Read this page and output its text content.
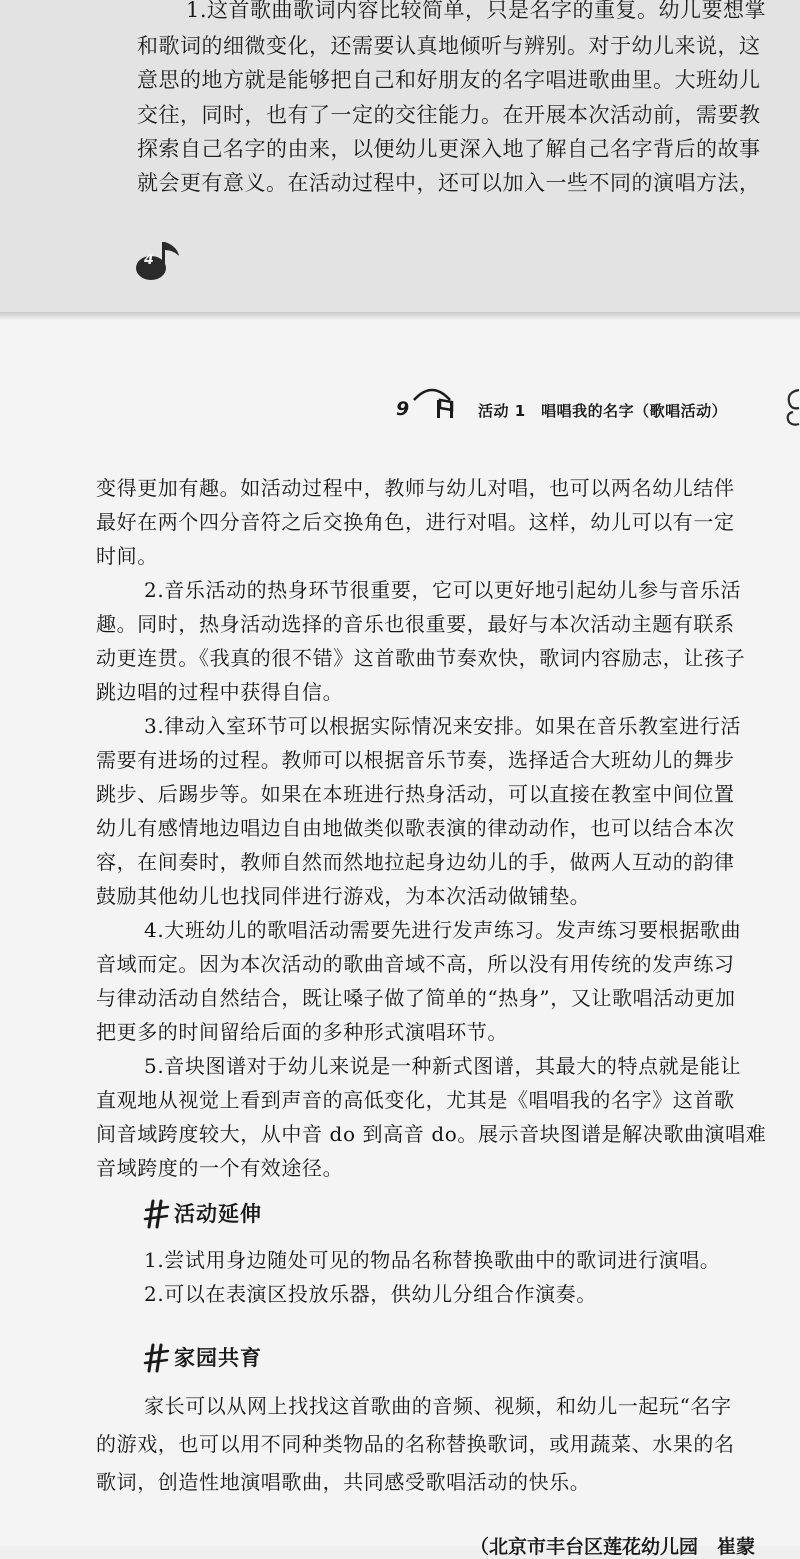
1.这首歌曲歌词内容比较简单，只是名字的重复。幼儿要想掌
和歌词的细微变化，还需要认真地倾听与辨别。对于幼儿来说，这
意思的地方就是能够把自己和好朋友的名字唱进歌曲里。大班幼儿
交往，同时，也有了一定的交往能力。在开展本次活动前，需要教
探索自己名字的由来，以便幼儿更深入地了解自己名字背后的故事
就会更有意义。在活动过程中，还可以加入一些不同的演唱方法，
4
9	活动 1　唱唱我的名字（歌唱活动）
变得更加有趣。如活动过程中，教师与幼儿对唱，也可以两名幼儿结伴
最好在两个四分音符之后交换角色，进行对唱。这样，幼儿可以有一定
时间。
2.音乐活动的热身环节很重要，它可以更好地引起幼儿参与音乐活
趣。同时，热身活动选择的音乐也很重要，最好与本次活动主题有联系
动更连贯。《我真的很不错》这首歌曲节奏欢快，歌词内容励志，让孩子
跳边唱的过程中获得自信。
3.律动入室环节可以根据实际情况来安排。如果在音乐教室进行活
需要有进场的过程。教师可以根据音乐节奏，选择适合大班幼儿的舞步
跳步、后踢步等。如果在本班进行热身活动，可以直接在教室中间位置
幼儿有感情地边唱边自由地做类似歌表演的律动动作，也可以结合本次
容，在间奏时，教师自然而然地拉起身边幼儿的手，做两人互动的韵律
鼓励其他幼儿也找同伴进行游戏，为本次活动做铺垫。
4.大班幼儿的歌唱活动需要先进行发声练习。发声练习要根据歌曲
音域而定。因为本次活动的歌曲音域不高，所以没有用传统的发声练习
与律动活动自然结合，既让嗓子做了简单的“热身”，又让歌唱活动更加
把更多的时间留给后面的多种形式演唱环节。
5.音块图谱对于幼儿来说是一种新式图谱，其最大的特点就是能让
直观地从视觉上看到声音的高低变化，尤其是《唱唱我的名字》这首歌
间音域跨度较大，从中音 do 到高音 do。展示音块图谱是解决歌曲演唱难
音域跨度的一个有效途径。
活动延伸
1.尝试用身边随处可见的物品名称替换歌曲中的歌词进行演唱。
2.可以在表演区投放乐器，供幼儿分组合作演奏。
家园共育
家长可以从网上找找这首歌曲的音频、视频，和幼儿一起玩“名字
的游戏，也可以用不同种类物品的名称替换歌词，或用蔬菜、水果的名
歌词，创造性地演唱歌曲，共同感受歌唱活动的快乐。
（北京市丰台区莲花幼儿园　崔蒙
